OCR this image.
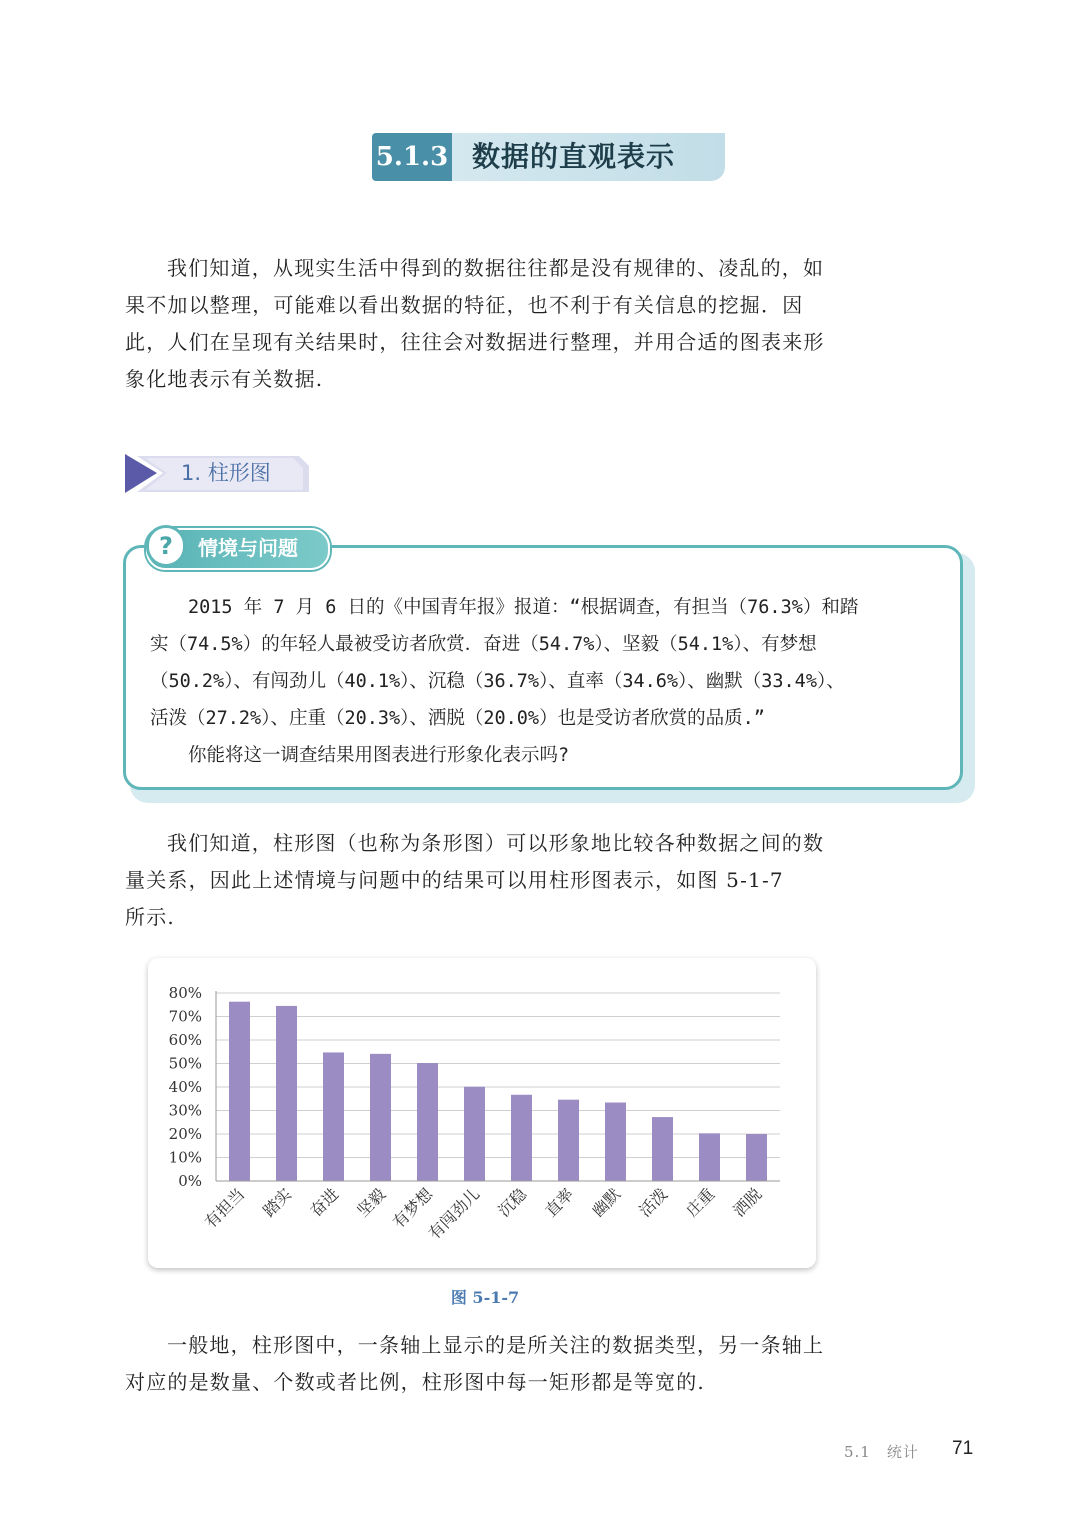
5.1.3 数据的直观表示

我们知道，从现实生活中得到的数据往往都是没有规律的、凌乱的，如

果不加以整理，可能难以看出数据的特征，也不利于有关信息的挖掘．因

此，人们在呈现有关结果时，往往会对数据进行整理，并用合适的图表来形

象化地表示有关数据.

1. 柱形图
?	情境与问题

2015 年 7 月 6 日的《中国青年报》报道：“根据调查，有担当（76.3%）和踏

实（74.5%）的年轻人最被受访者欣赏．奋进（54.7%）、坚毅（54.1%）、有梦想

（50.2%）、有闯劲儿（40.1%）、沉稳（36.7%）、直率（34.6%）、幽默（33.4%）、

活泼（27.2%）、庄重（20.3%）、洒脱（20.0%）也是受访者欣赏的品质.”

你能将这一调查结果用图表进行形象化表示吗?

我们知道，柱形图（也称为条形图）可以形象地比较各种数据之间的数

量关系，因此上述情境与问题中的结果可以用柱形图表示，如图 5-1-7

所示.

0%
10%
20%
30%
40%
50%
60%
70%
80%
有担当 踏实 奋进 坚毅 有梦想
有闯劲儿 沉稳 直率 幽默 活泼 庄重 洒脱
图 5-1-7

一般地，柱形图中，一条轴上显示的是所关注的数据类型，另一条轴上

对应的是数量、个数或者比例，柱形图中每一矩形都是等宽的.

5.1　统计 71
